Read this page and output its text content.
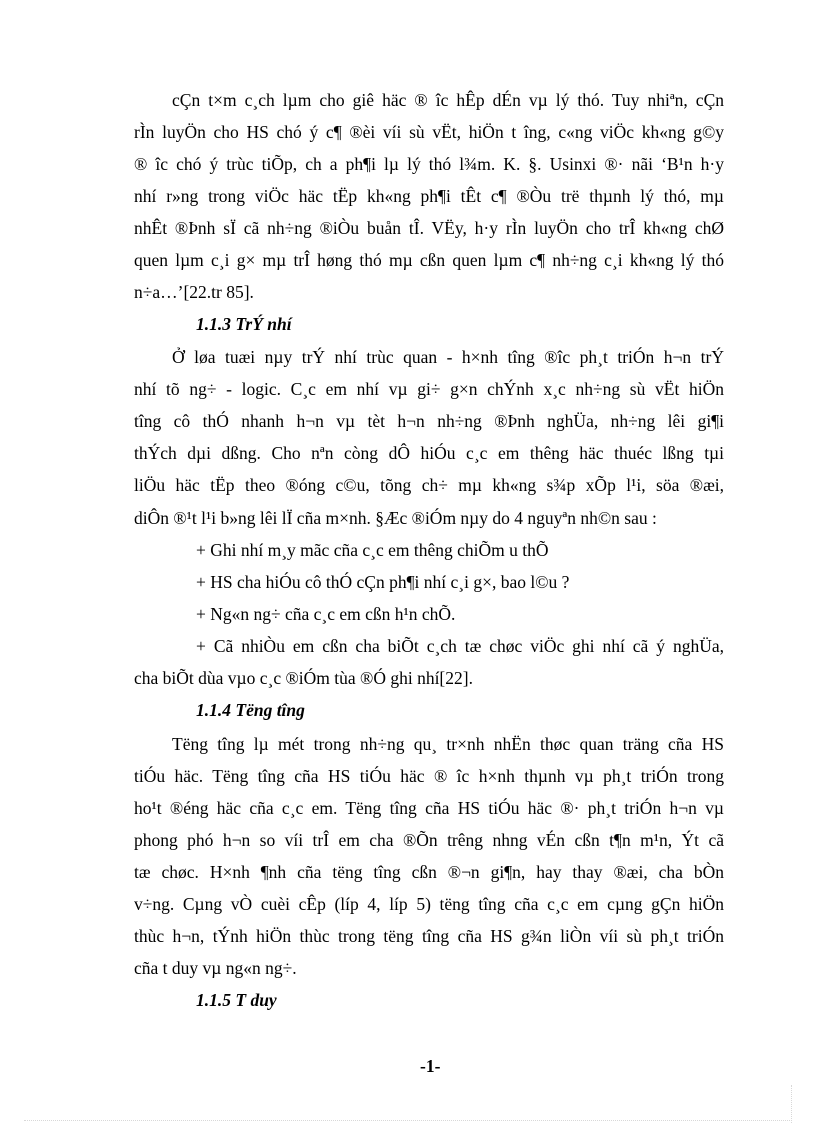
cÇn t×m c¸ch lµm cho giê häc ® îc hÊp dÉn vµ lý thó. Tuy nhiªn, cÇn
rÌn luyÖn cho HS chó ý c¶ ®èi víi sù vËt, hiÖn t îng, c«ng viÖc kh«ng g©y
® îc chó ý trùc tiÕp, ch a ph¶i lµ lý thó l¾m. K. §. Usinxi ®· nãi ‘B¹n h·y
nhí r»ng trong viÖc häc tËp kh«ng ph¶i tÊt c¶ ®Òu trë thµnh lý thó, mµ
nhÊt ®Þnh sÏ cã nh÷ng ®iÒu buån tÎ. VËy, h·y rÌn luyÖn cho trÎ kh«ng chØ
quen lµm c¸i g× mµ trÎ høng thó mµ cßn quen lµm c¶ nh÷ng c¸i kh«ng lý thó
n÷a…’[22.tr 85].
1.1.3 TrÝ nhí
Ở løa tuæi nµy trÝ nhí trùc quan - h×nh tîng ®îc ph¸t triÓn h¬n trÝ
nhí tõ ng÷ - logic. C¸c em nhí vµ gi÷ g×n chÝnh x¸c nh÷ng sù vËt hiÖn
tîng cô thÓ nhanh h¬n vµ tèt h¬n nh÷ng ®Þnh nghÜa, nh÷ng lêi gi¶i
thÝch dµi dßng. Cho nªn còng dÔ hiÓu c¸c em thêng häc thuéc lßng tµi
liÖu häc tËp theo ®óng c©u, tõng ch÷ mµ kh«ng s¾p xÕp l¹i, söa ®æi,
diÔn ®¹t l¹i b»ng lêi lÏ cña m×nh. §Æc ®iÓm nµy do 4 nguyªn nh©n sau :
+ Ghi nhí m¸y mãc cña c¸c em thêng chiÕm u thÕ
+ HS cha hiÓu cô thÓ cÇn ph¶i nhí c¸i g×, bao l©u ?
+ Ng«n ng÷ cña c¸c em cßn h¹n chÕ.
+ Cã nhiÒu em cßn cha biÕt c¸ch tæ chøc viÖc ghi nhí cã ý nghÜa,
cha biÕt dùa vµo c¸c ®iÓm tùa ®Ó ghi nhí[22].
1.1.4 Tëng tîng
Tëng tîng lµ mét trong nh÷ng qu¸ tr×nh nhËn thøc quan träng cña HS
tiÓu häc. Tëng tîng cña HS tiÓu häc ® îc h×nh thµnh vµ ph¸t triÓn trong
ho¹t ®éng häc cña c¸c em. Tëng tîng cña HS tiÓu häc ®· ph¸t triÓn h¬n vµ
phong phó h¬n so víi trÎ em cha ®Õn trêng nhng vÉn cßn t¶n m¹n, Ýt cã
tæ chøc. H×nh ¶nh cña tëng tîng cßn ®¬n gi¶n, hay thay ®æi, cha bÒn
v÷ng. Cµng vÒ cuèi cÊp (líp 4, líp 5) tëng tîng cña c¸c em cµng gÇn hiÖn
thùc h¬n, tÝnh hiÖn thùc trong tëng tîng cña HS g¾n liÒn víi sù ph¸t triÓn
cña t duy vµ ng«n ng÷.
1.1.5 T duy
-1-
